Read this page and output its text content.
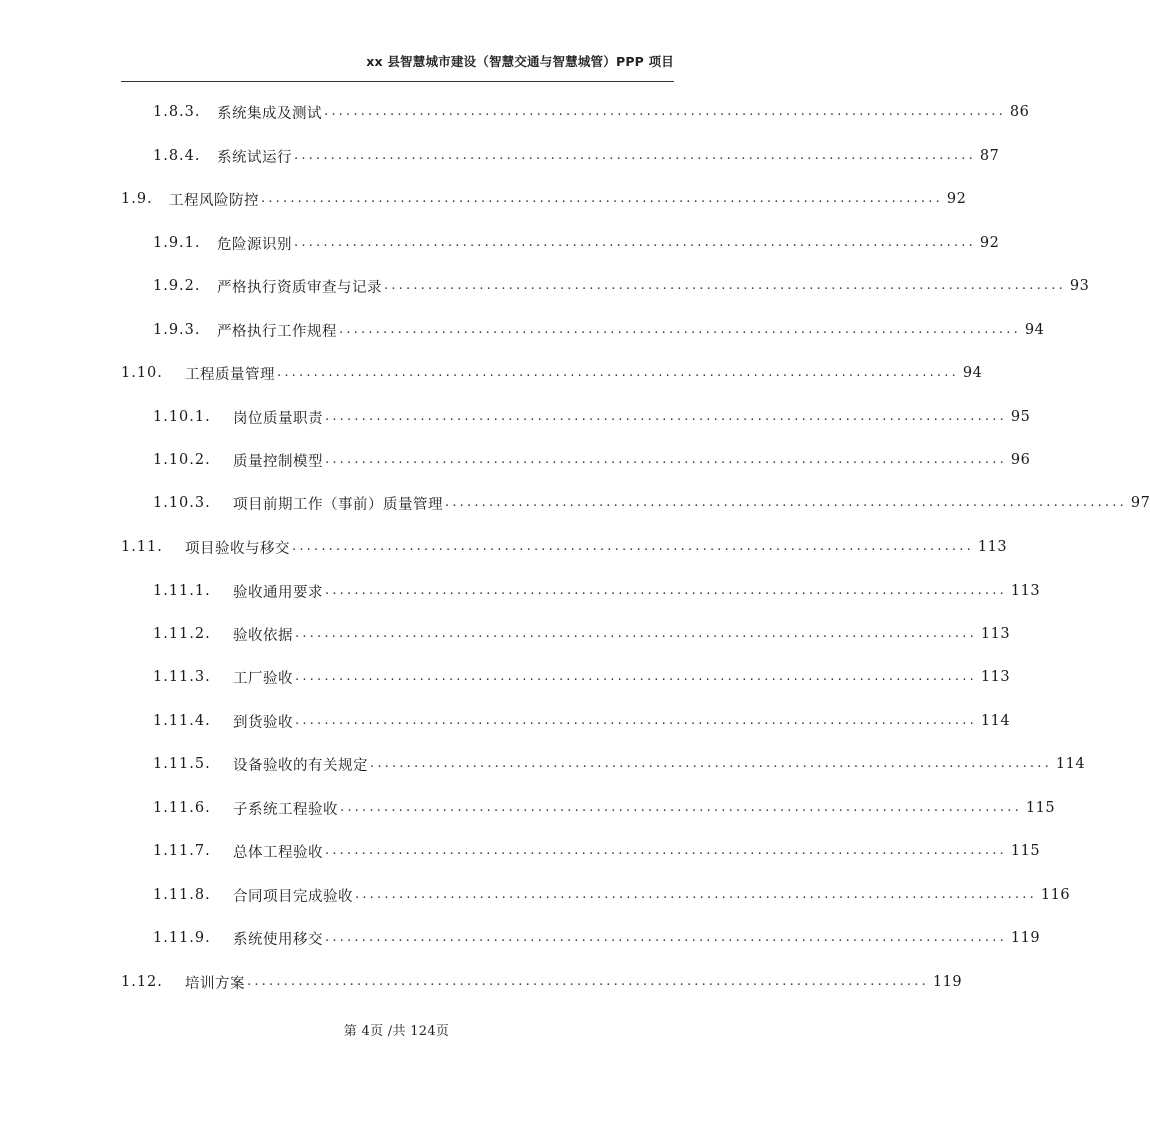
xx 县智慧城市建设（智慧交通与智慧城管）PPP 项目
1.8.3.	系统集成及测试 ............................................................................................. 86
1.8.4.	系统试运行 ............................................................................................. 87
1.9.	工程风险防控 ............................................................................................. 92
1.9.1.	危险源识别 ............................................................................................. 92
1.9.2.	严格执行资质审查与记录 ............................................................................................. 93
1.9.3.	严格执行工作规程 ............................................................................................. 94
1.10.	工程质量管理 ............................................................................................. 94
1.10.1.	岗位质量职责 ............................................................................................. 95
1.10.2.	质量控制模型 ............................................................................................. 96
1.10.3.	项目前期工作（事前）质量管理 ............................................................................................. 97
1.11.	项目验收与移交 ............................................................................................. 113
1.11.1.	验收通用要求 ............................................................................................. 113
1.11.2.	验收依据 ............................................................................................. 113
1.11.3.	工厂验收 ............................................................................................. 113
1.11.4.	到货验收 ............................................................................................. 114
1.11.5.	设备验收的有关规定 ............................................................................................. 114
1.11.6.	子系统工程验收 ............................................................................................. 115
1.11.7.	总体工程验收 ............................................................................................. 115
1.11.8.	合同项目完成验收 ............................................................................................. 116
1.11.9.	系统使用移交 ............................................................................................. 119
1.12.	培训方案 ............................................................................................. 119
第 4页 /共 124页
